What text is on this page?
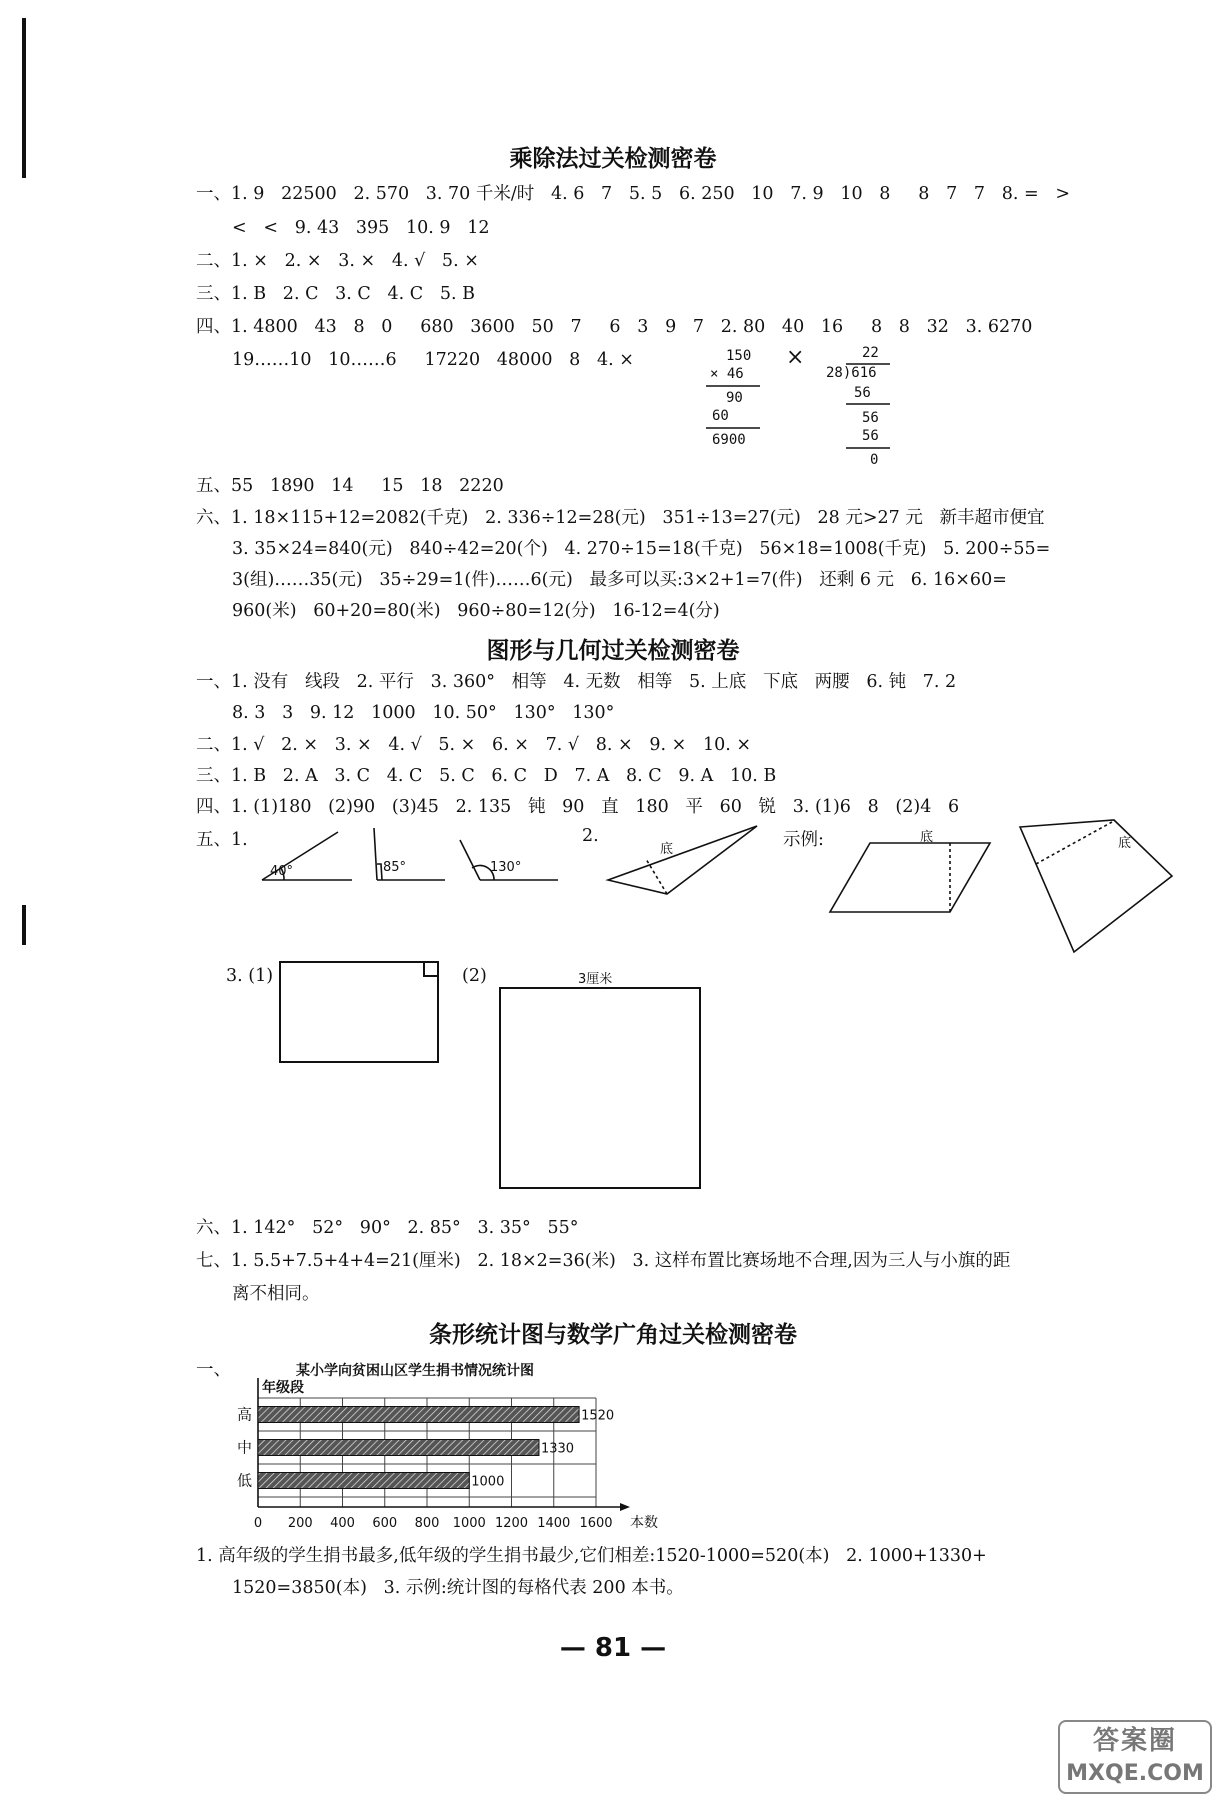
乘除法过关检测密卷
一、1. 9   22500   2. 570   3. 70 千米/时   4. 6   7   5. 5   6. 250   10   7. 9   10   8     8   7   7   8. =   >
<   <   9. 43   395   10. 9   12
二、1. ×   2. ×   3. ×   4. √   5. ×
三、1. B   2. C   3. C   4. C   5. B
四、1. 4800   43   8   0     680   3600   50   7     6   3   9   7   2. 80   40   16     8   8   32   3. 6270
19……10   10……6     17220   48000   8   4. ×	150
× 46
90
60
6900
×	22
28)616
56
56
56
0
五、55   1890   14     15   18   2220
六、1. 18×115+12=2082(千克)   2. 336÷12=28(元)   351÷13=27(元)   28 元>27 元   新丰超市便宜
3. 35×24=840(元)   840÷42=20(个)   4. 270÷15=18(千克)   56×18=1008(千克)   5. 200÷55=
3(组)……35(元)   35÷29=1(件)……6(元)   最多可以买:3×2+1=7(件)   还剩 6 元   6. 16×60=
960(米)   60+20=80(米)   960÷80=12(分)   16-12=4(分)
图形与几何过关检测密卷
一、1. 没有   线段   2. 平行   3. 360°   相等   4. 无数   相等   5. 上底   下底   两腰   6. 钝   7. 2
8. 3   3   9. 12   1000   10. 50°   130°   130°
二、1. √   2. ×   3. ×   4. √   5. ×   6. ×   7. √   8. ×   9. ×   10. ×
三、1. B   2. A   3. C   4. C   5. C   6. C   D   7. A   8. C   9. A   10. B
四、1. (1)180   (2)90   (3)45   2. 135   钝   90   直   180   平   60   锐   3. (1)6   8   (2)4   6
五、1.
40°	85°	130°
2.
底	示例:	底	底
3. (1)	(2)	3厘米
六、1. 142°   52°   90°   2. 85°   3. 35°   55°
七、1. 5.5+7.5+4+4=21(厘米)   2. 18×2=36(米)   3. 这样布置比赛场地不合理,因为三人与小旗的距
离不相同。
条形统计图与数学广角过关检测密卷
一、	某小学向贫困山区学生捐书情况统计图
0 200 400 600 800 1000 1200 1400 1600
年级段
本数
高	1520
中	1330
低	1000
1. 高年级的学生捐书最多,低年级的学生捐书最少,它们相差:1520-1000=520(本)   2. 1000+1330+
1520=3850(本)   3. 示例:统计图的每格代表 200 本书。
— 81 —
答案圈
MXQE.COM
